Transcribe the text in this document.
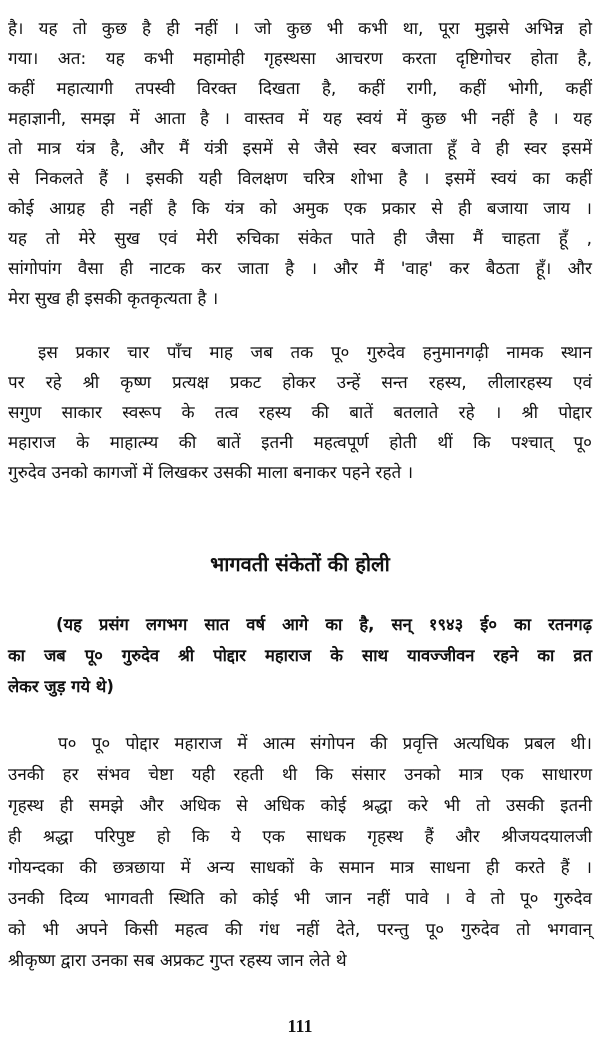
है। यह तो कुछ है ही नहीं । जो कुछ भी कभी था, पूरा मुझसे अभिन्न हो
गया। अत: यह कभी महामोही गृहस्थसा आचरण करता दृष्टिगोचर होता है,
कहीं महात्यागी तपस्वी विरक्त दिखता है, कहीं रागी, कहीं भोगी, कहीं
महाज्ञानी, समझ में आता है । वास्तव में यह स्वयं में कुछ भी नहीं है । यह
तो मात्र यंत्र है, और मैं यंत्री इसमें से जैसे स्वर बजाता हूँ वे ही स्वर इसमें
से निकलते हैं । इसकी यही विलक्षण चरित्र शोभा है । इसमें स्वयं का कहीं
कोई आग्रह ही नहीं है कि यंत्र को अमुक एक प्रकार से ही बजाया जाय ।
यह तो मेरे सुख एवं मेरी रुचिका संकेत पाते ही जैसा मैं चाहता हूँ ,
सांगोपांग वैसा ही नाटक कर जाता है । और मैं 'वाह' कर बैठता हूँ। और
मेरा सुख ही इसकी कृतकृत्यता है ।
इस प्रकार चार पाँच माह जब तक पू० गुरुदेव हनुमानगढ़ी नामक स्थान
पर रहे श्री कृष्ण प्रत्यक्ष प्रकट होकर उन्हें सन्त रहस्य, लीलारहस्य एवं
सगुण साकार स्वरूप के तत्व रहस्य की बातें बतलाते रहे । श्री पोद्दार
महाराज के माहात्म्य की बातें इतनी महत्वपूर्ण होती थीं कि पश्चात् पू०
गुरुदेव उनको कागजों में लिखकर उसकी माला बनाकर पहने रहते ।
भागवती संकेतों की होली
(यह प्रसंग लगभग सात वर्ष आगे का है, सन् १९४३ ई० का रतनगढ़
का जब पू० गुरुदेव श्री पोद्दार महाराज के साथ यावज्जीवन रहने का व्रत
लेकर जुड़ गये थे)
प० पू० पोद्दार महाराज में आत्म संगोपन की प्रवृत्ति अत्यधिक प्रबल थी।
उनकी हर संभव चेष्टा यही रहती थी कि संसार उनको मात्र एक साधारण
गृहस्थ ही समझे और अधिक से अधिक कोई श्रद्धा करे भी तो उसकी इतनी
ही श्रद्धा परिपुष्ट हो कि ये एक साधक गृहस्थ हैं और श्रीजयदयालजी
गोयन्दका की छत्रछाया में अन्य साधकों के समान मात्र साधना ही करते हैं ।
उनकी दिव्य भागवती स्थिति को कोई भी जान नहीं पावे । वे तो पू० गुरुदेव
को भी अपने किसी महत्व की गंध नहीं देते, परन्तु पू० गुरुदेव तो भगवान्
श्रीकृष्ण द्वारा उनका सब अप्रकट गुप्त रहस्य जान लेते थे
111
